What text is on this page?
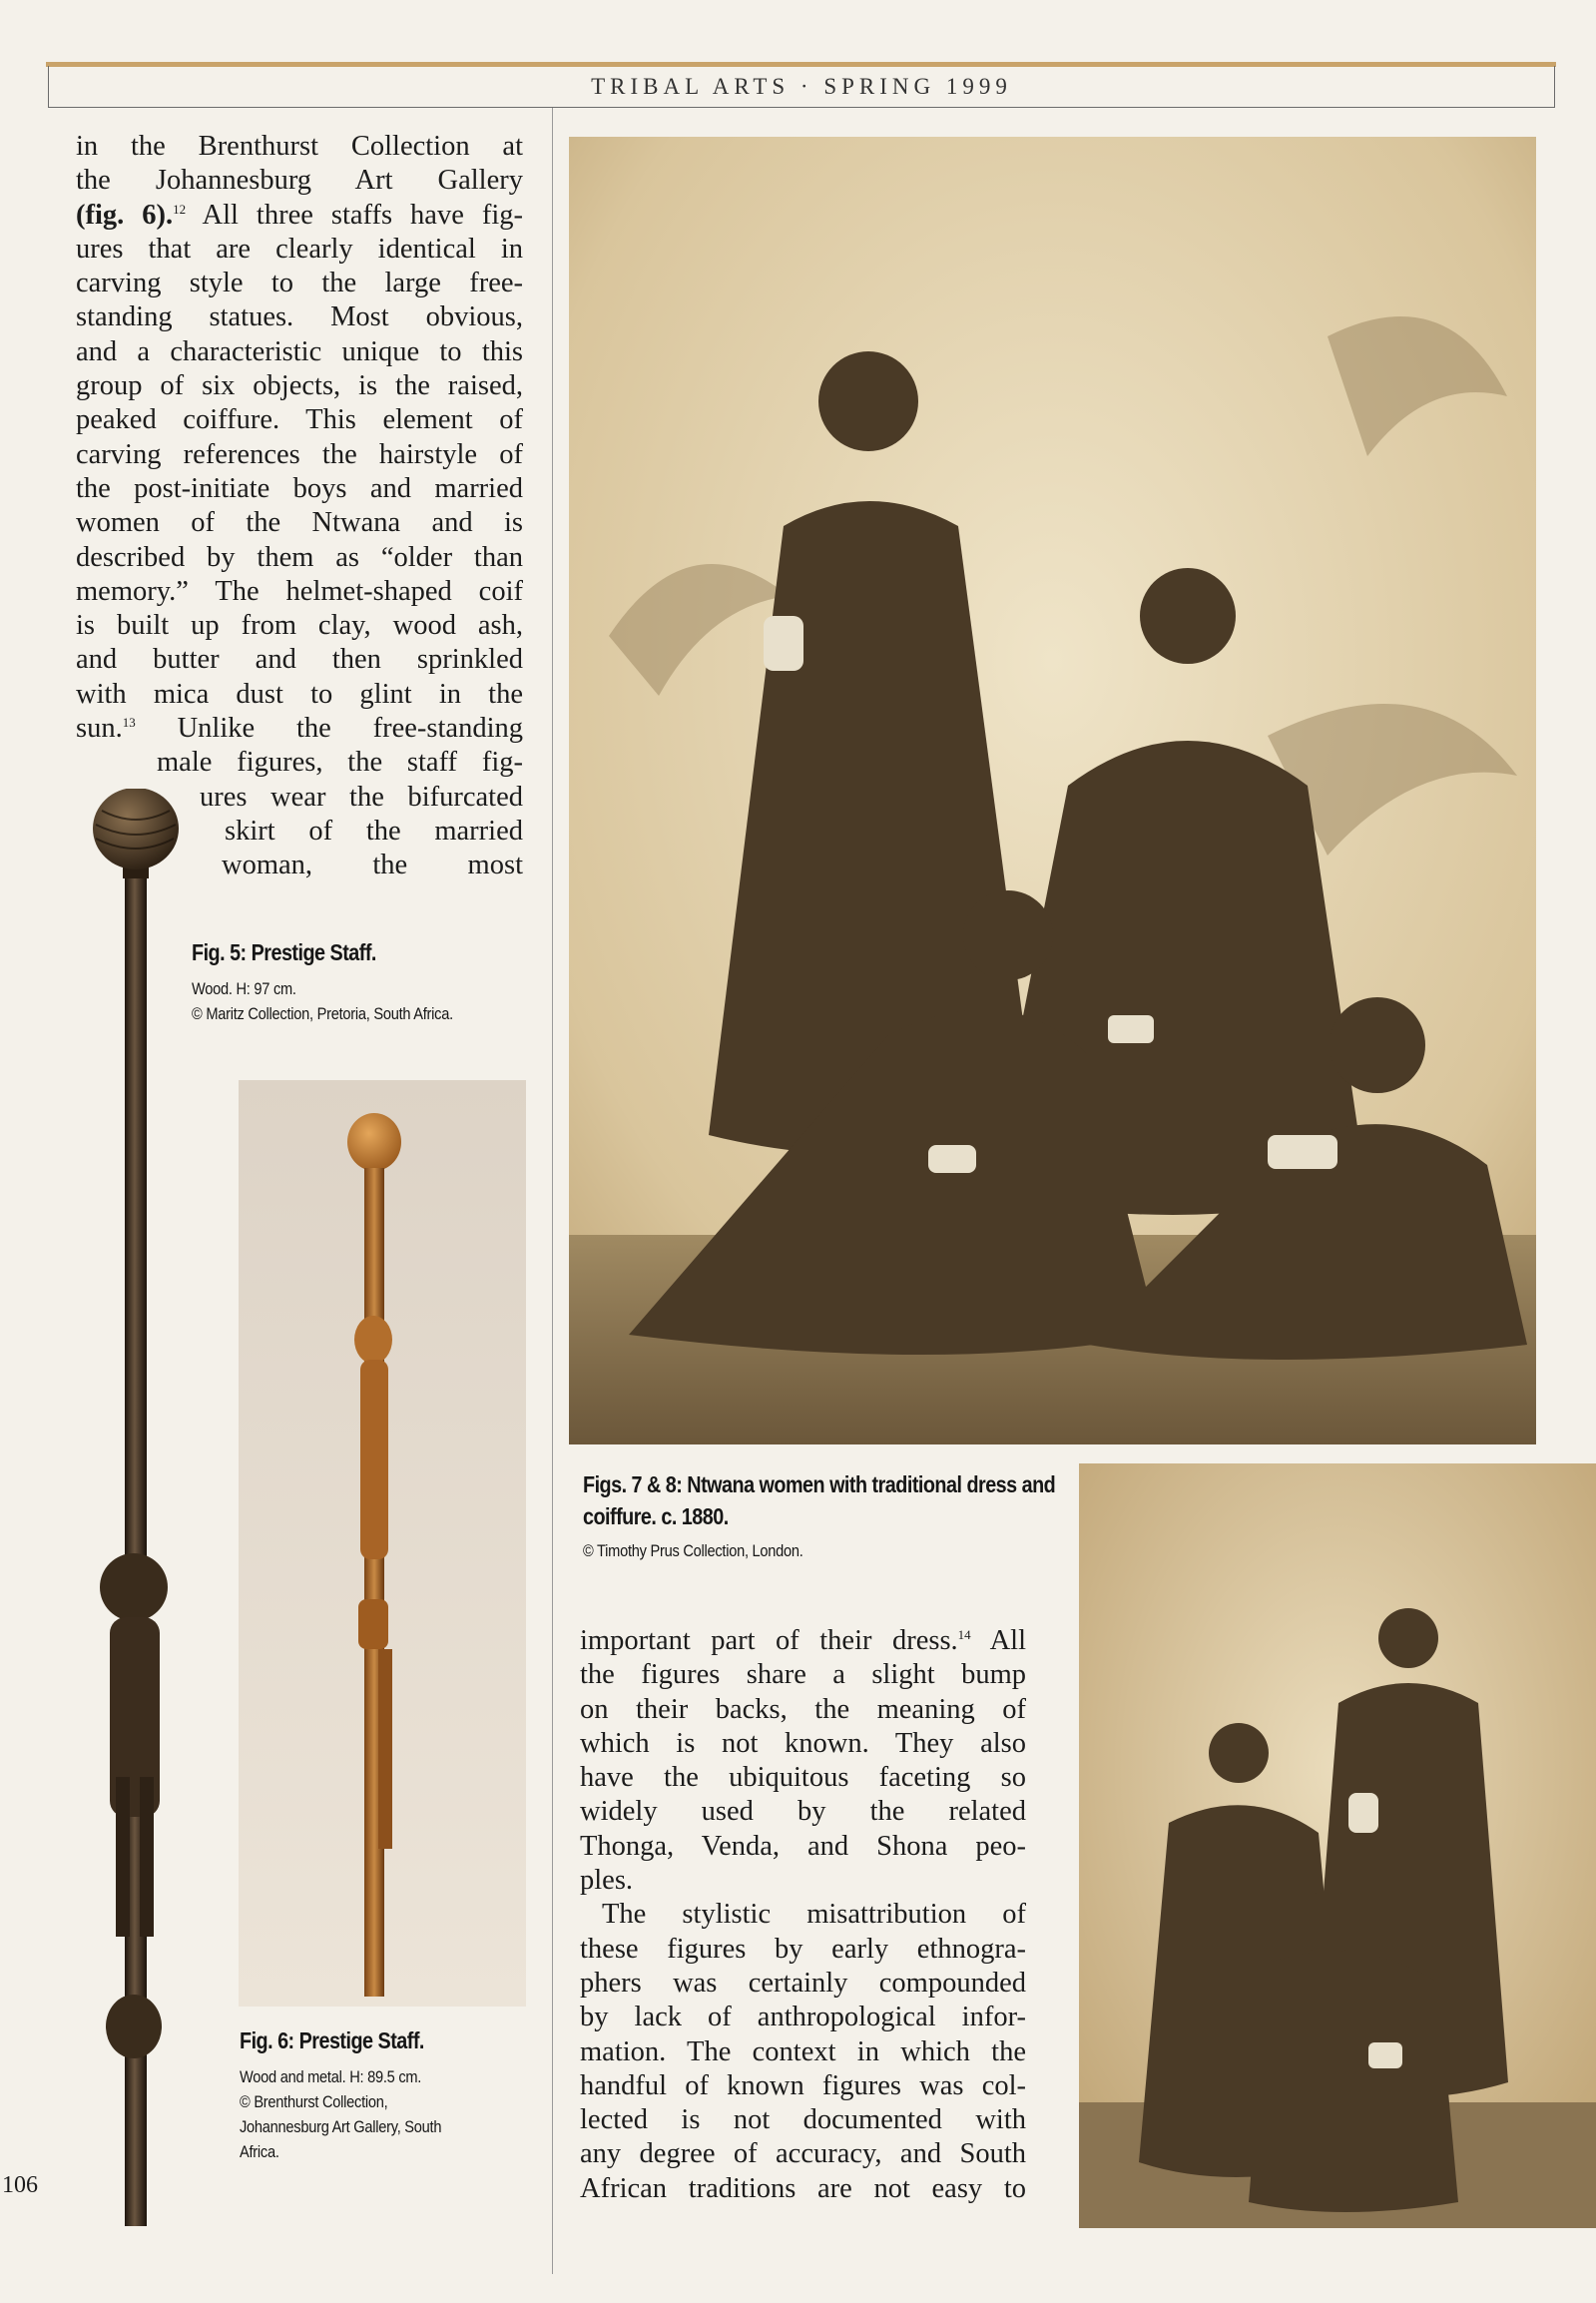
TRIBAL ARTS · SPRING 1999
in the Brenthurst Collection at
the Johannesburg Art Gallery
(fig. 6).$^{12}$ All three staffs have fig-
ures that are clearly identical in
carving style to the large free-
standing statues. Most obvious,
and a characteristic unique to this
group of six objects, is the raised,
peaked coiffure. This element of
carving references the hairstyle of
the post-initiate boys and married
women of the Ntwana and is
described by them as “older than
memory.” The helmet-shaped coif
is built up from clay, wood ash,
and butter and then sprinkled
with mica dust to glint in the
sun.$^{13}$ Unlike the free-standing
male figures, the staff fig-
ures wear the bifurcated
skirt of the married
woman, the most

Fig. 5: Prestige Staff.

Wood. H: 97 cm.

© Maritz Collection, Pretoria, South Africa.

Fig. 6: Prestige Staff.

Wood and metal. H: 89.5 cm.

© Brenthurst Collection,

Johannesburg Art Gallery, South

Africa.

Figs. 7 & 8: Ntwana women with traditional dress and

coiffure. c. 1880.

© Timothy Prus Collection, London.

important part of their dress.$^{14}$ All
the figures share a slight bump
on their backs, the meaning of
which is not known. They also
have the ubiquitous faceting so
widely used by the related
Thonga, Venda, and Shona peo-
ples.
The stylistic misattribution of
these figures by early ethnogra-
phers was certainly compounded
by lack of anthropological infor-
mation. The context in which the
handful of known figures was col-
lected is not documented with
any degree of accuracy, and South
African traditions are not easy to
106
